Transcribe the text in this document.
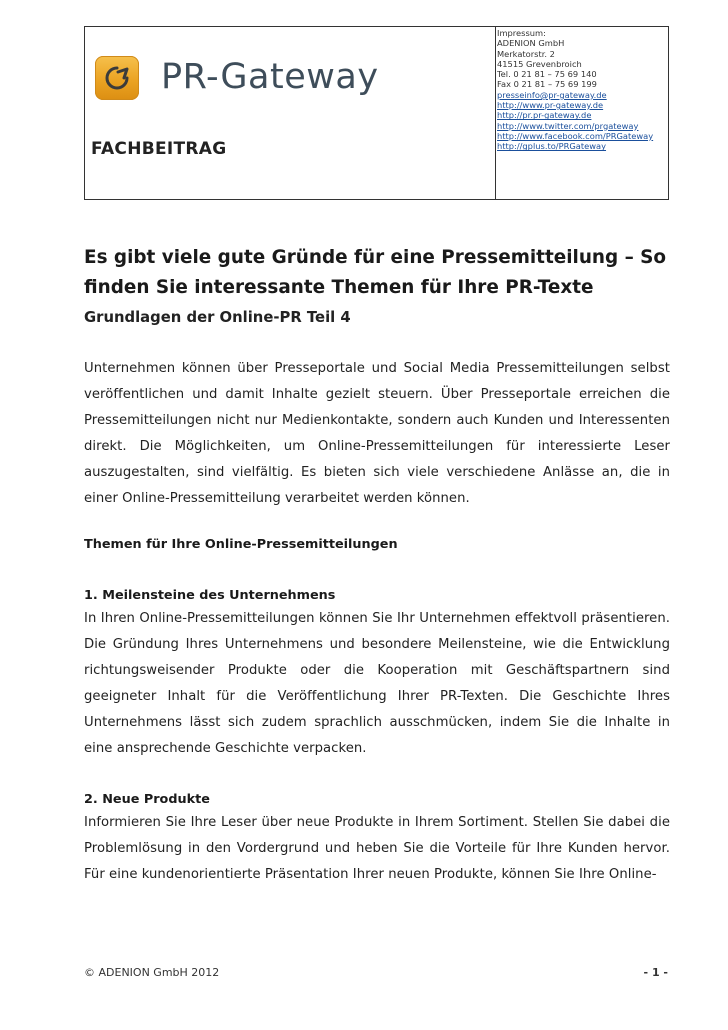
PR-Gateway
FACHBEITRAG
Impressum:
ADENION GmbH
Merkatorstr. 2
41515 Grevenbroich
Tel. 0 21 81 – 75 69 140
Fax 0 21 81 – 75 69 199
presseinfo@pr-gateway.de
http://www.pr-gateway.de
http://pr.pr-gateway.de
http://www.twitter.com/prgateway
http://www.facebook.com/PRGateway
http://gplus.to/PRGateway
Es gibt viele gute Gründe für eine Pressemitteilung – So finden Sie interessante Themen für Ihre PR-Texte
Grundlagen der Online-PR Teil 4

Unternehmen können über Presseportale und Social Media Pressemitteilungen selbst veröffentlichen und damit Inhalte gezielt steuern. Über Presseportale erreichen die Pressemitteilungen nicht nur Medienkontakte, sondern auch Kunden und Interessenten direkt. Die Möglichkeiten, um Online-Pressemitteilungen für interessierte Leser auszugestalten, sind vielfältig. Es bieten sich viele verschiedene Anlässe an, die in einer Online-Pressemitteilung verarbeitet werden können.

Themen für Ihre Online-Pressemitteilungen
1. Meilensteine des Unternehmens

In Ihren Online-Pressemitteilungen können Sie Ihr Unternehmen effektvoll präsentieren. Die Gründung Ihres Unternehmens und besondere Meilensteine, wie die Entwicklung richtungsweisender Produkte oder die Kooperation mit Geschäftspartnern sind geeigneter Inhalt für die Veröffentlichung Ihrer PR-Texten. Die Geschichte Ihres Unternehmens lässt sich zudem sprachlich ausschmücken, indem Sie die Inhalte in eine ansprechende Geschichte verpacken.

2. Neue Produkte

Informieren Sie Ihre Leser über neue Produkte in Ihrem Sortiment. Stellen Sie dabei die Problemlösung in den Vordergrund und heben Sie die Vorteile für Ihre Kunden hervor. Für eine kundenorientierte Präsentation Ihrer neuen Produkte, können Sie Ihre Online-

© ADENION GmbH 2012	- 1 -
